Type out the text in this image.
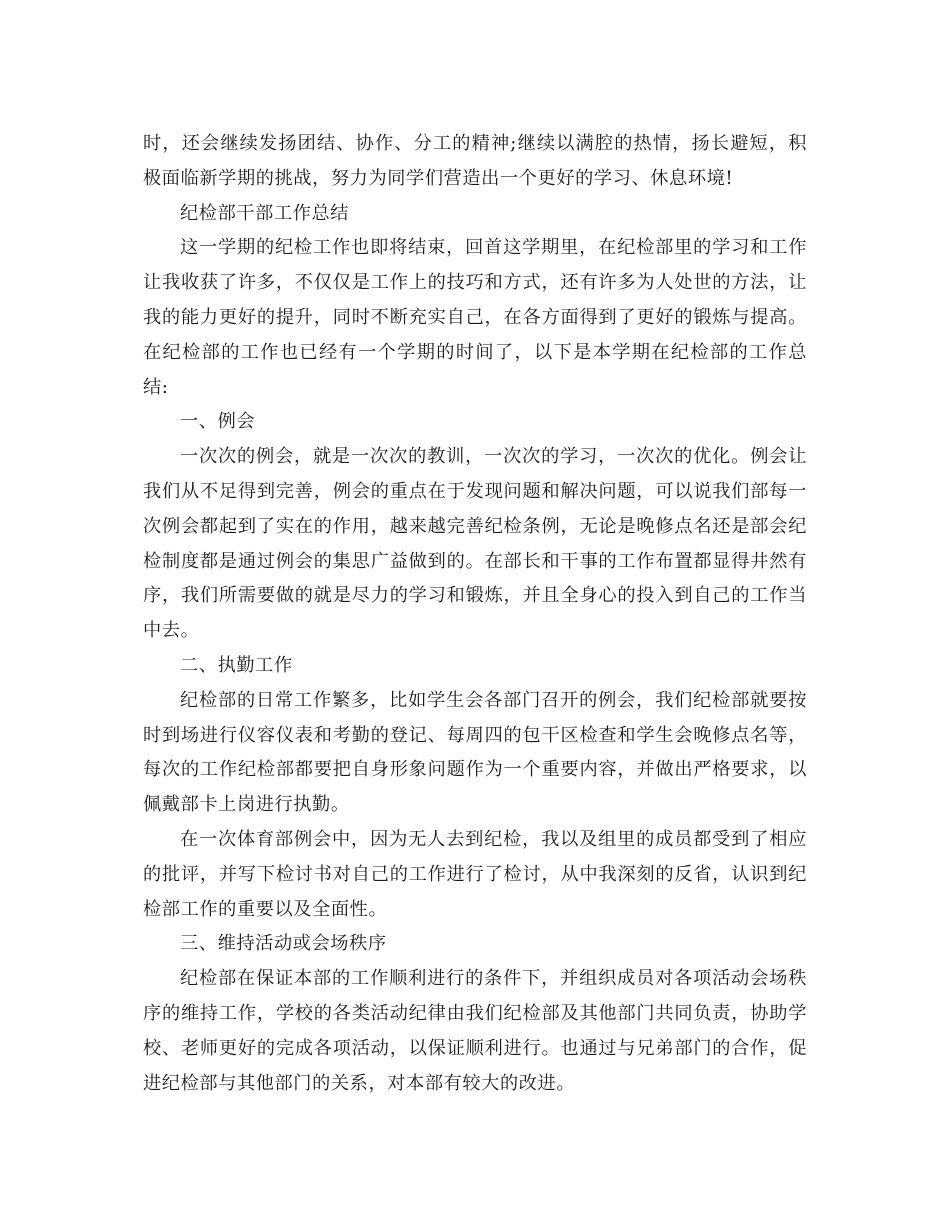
时，还会继续发扬团结、协作、分工的精神;继续以满腔的热情，扬长避短，积极面临新学期的挑战，努力为同学们营造出一个更好的学习、休息环境!

纪检部干部工作总结

这一学期的纪检工作也即将结束，回首这学期里，在纪检部里的学习和工作让我收获了许多，不仅仅是工作上的技巧和方式，还有许多为人处世的方法，让我的能力更好的提升，同时不断充实自己，在各方面得到了更好的锻炼与提高。在纪检部的工作也已经有一个学期的时间了，以下是本学期在纪检部的工作总结:

一、例会

一次次的例会，就是一次次的教训，一次次的学习，一次次的优化。例会让我们从不足得到完善，例会的重点在于发现问题和解决问题，可以说我们部每一次例会都起到了实在的作用，越来越完善纪检条例，无论是晚修点名还是部会纪检制度都是通过例会的集思广益做到的。在部长和干事的工作布置都显得井然有序，我们所需要做的就是尽力的学习和锻炼，并且全身心的投入到自己的工作当中去。

二、执勤工作

纪检部的日常工作繁多，比如学生会各部门召开的例会，我们纪检部就要按时到场进行仪容仪表和考勤的登记、每周四的包干区检查和学生会晚修点名等，每次的工作纪检部都要把自身形象问题作为一个重要内容，并做出严格要求，以佩戴部卡上岗进行执勤。

在一次体育部例会中，因为无人去到纪检，我以及组里的成员都受到了相应的批评，并写下检讨书对自己的工作进行了检讨，从中我深刻的反省，认识到纪检部工作的重要以及全面性。

三、维持活动或会场秩序

纪检部在保证本部的工作顺利进行的条件下，并组织成员对各项活动会场秩序的维持工作，学校的各类活动纪律由我们纪检部及其他部门共同负责，协助学校、老师更好的完成各项活动，以保证顺利进行。也通过与兄弟部门的合作，促进纪检部与其他部门的关系，对本部有较大的改进。
